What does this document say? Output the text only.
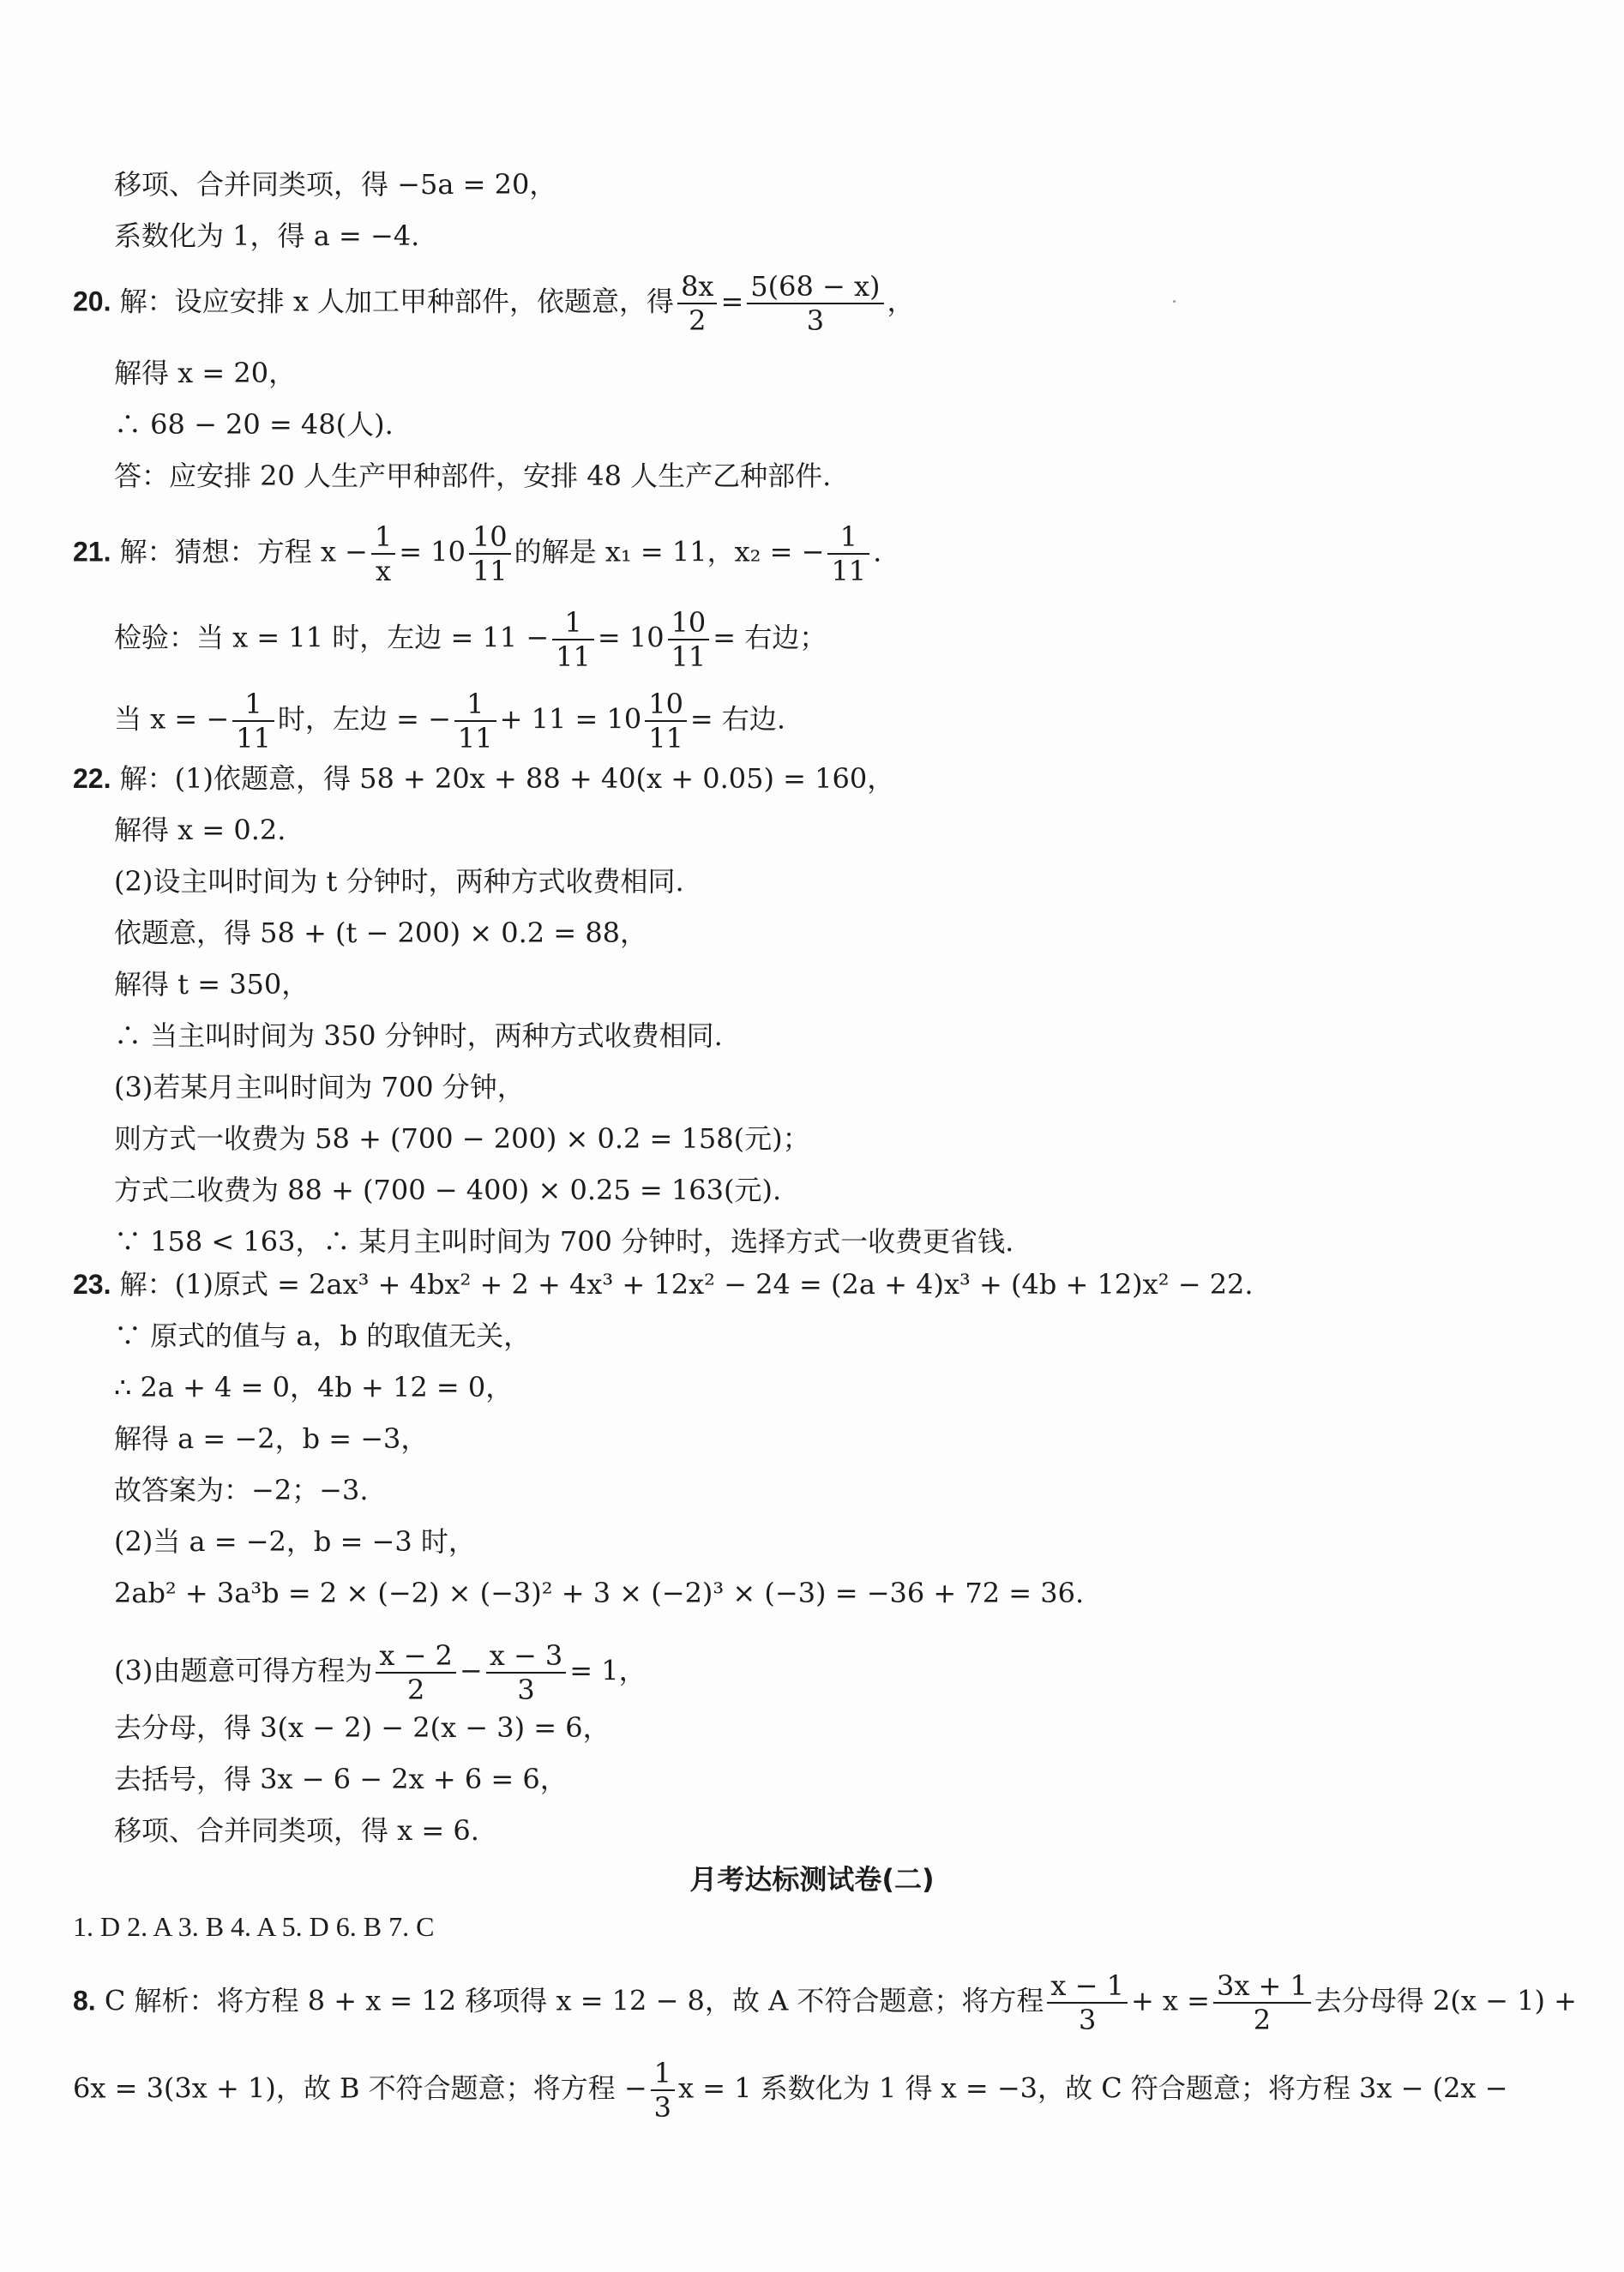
移项、合并同类项，得 −5a = 20，
系数化为 1，得 a = −4.
20. 解：设应安排 x 人加工甲种部件，依题意，得 $\frac{8x}{2} = \frac{5(68 - x)}{3}$ ，
解得 x = 20，
∴ 68 − 20 = 48(人).
答：应安排 20 人生产甲种部件，安排 48 人生产乙种部件.
21. 解：猜想：方程 $x - \frac{1}{x} = 10 \frac{10}{11}$ 的解是 x₁ = 11，x₂ = − $\frac{1}{11}$ .
检验：当 x = 11 时，左边 = $11 - \frac{1}{11} = 10 \frac{10}{11}$ = 右边；
当 x = − $\frac{1}{11}$ 时，左边 = − $\frac{1}{11} + 11 = 10 \frac{10}{11}$ = 右边.
22. 解：(1)依题意，得 58 + 20x + 88 + 40(x + 0.05) = 160，
解得 x = 0.2.
(2)设主叫时间为 t 分钟时，两种方式收费相同.
依题意，得 58 + (t − 200) × 0.2 = 88，
解得 t = 350，
∴ 当主叫时间为 350 分钟时，两种方式收费相同.
(3)若某月主叫时间为 700 分钟，
则方式一收费为 58 + (700 − 200) × 0.2 = 158(元)；
方式二收费为 88 + (700 − 400) × 0.25 = 163(元).
∵ 158 < 163，∴ 某月主叫时间为 700 分钟时，选择方式一收费更省钱.
23. 解：(1)原式 = 2ax³ + 4bx² + 2 + 4x³ + 12x² − 24 = (2a + 4)x³ + (4b + 12)x² − 22.
∵ 原式的值与 a，b 的取值无关，
∴ 2a + 4 = 0，4b + 12 = 0，
解得 a = −2，b = −3，
故答案为：−2；−3.
(2)当 a = −2，b = −3 时，
2ab² + 3a³b = 2 × (−2) × (−3)² + 3 × (−2)³ × (−3) = −36 + 72 = 36.
(3)由题意可得方程为 $\frac{x - 2}{2} - \frac{x - 3}{3} = 1$，
去分母，得 3(x − 2) − 2(x − 3) = 6，
去括号，得 3x − 6 − 2x + 6 = 6，
移项、合并同类项，得 x = 6.
月考达标测试卷(二)
1. D 2. A 3. B 4. A 5. D 6. B 7. C
8. C 解析：将方程 8 + x = 12 移项得 x = 12 − 8，故 A 不符合题意；将方程 $\frac{x - 1}{3} + x = \frac{3x + 1}{2}$ 去分母得 2(x − 1) +
6x = 3(3x + 1)，故 B 不符合题意；将方程 − $\frac{1}{3}$ x = 1 系数化为 1 得 x = −3，故 C 符合题意；将方程 3x − (2x −
